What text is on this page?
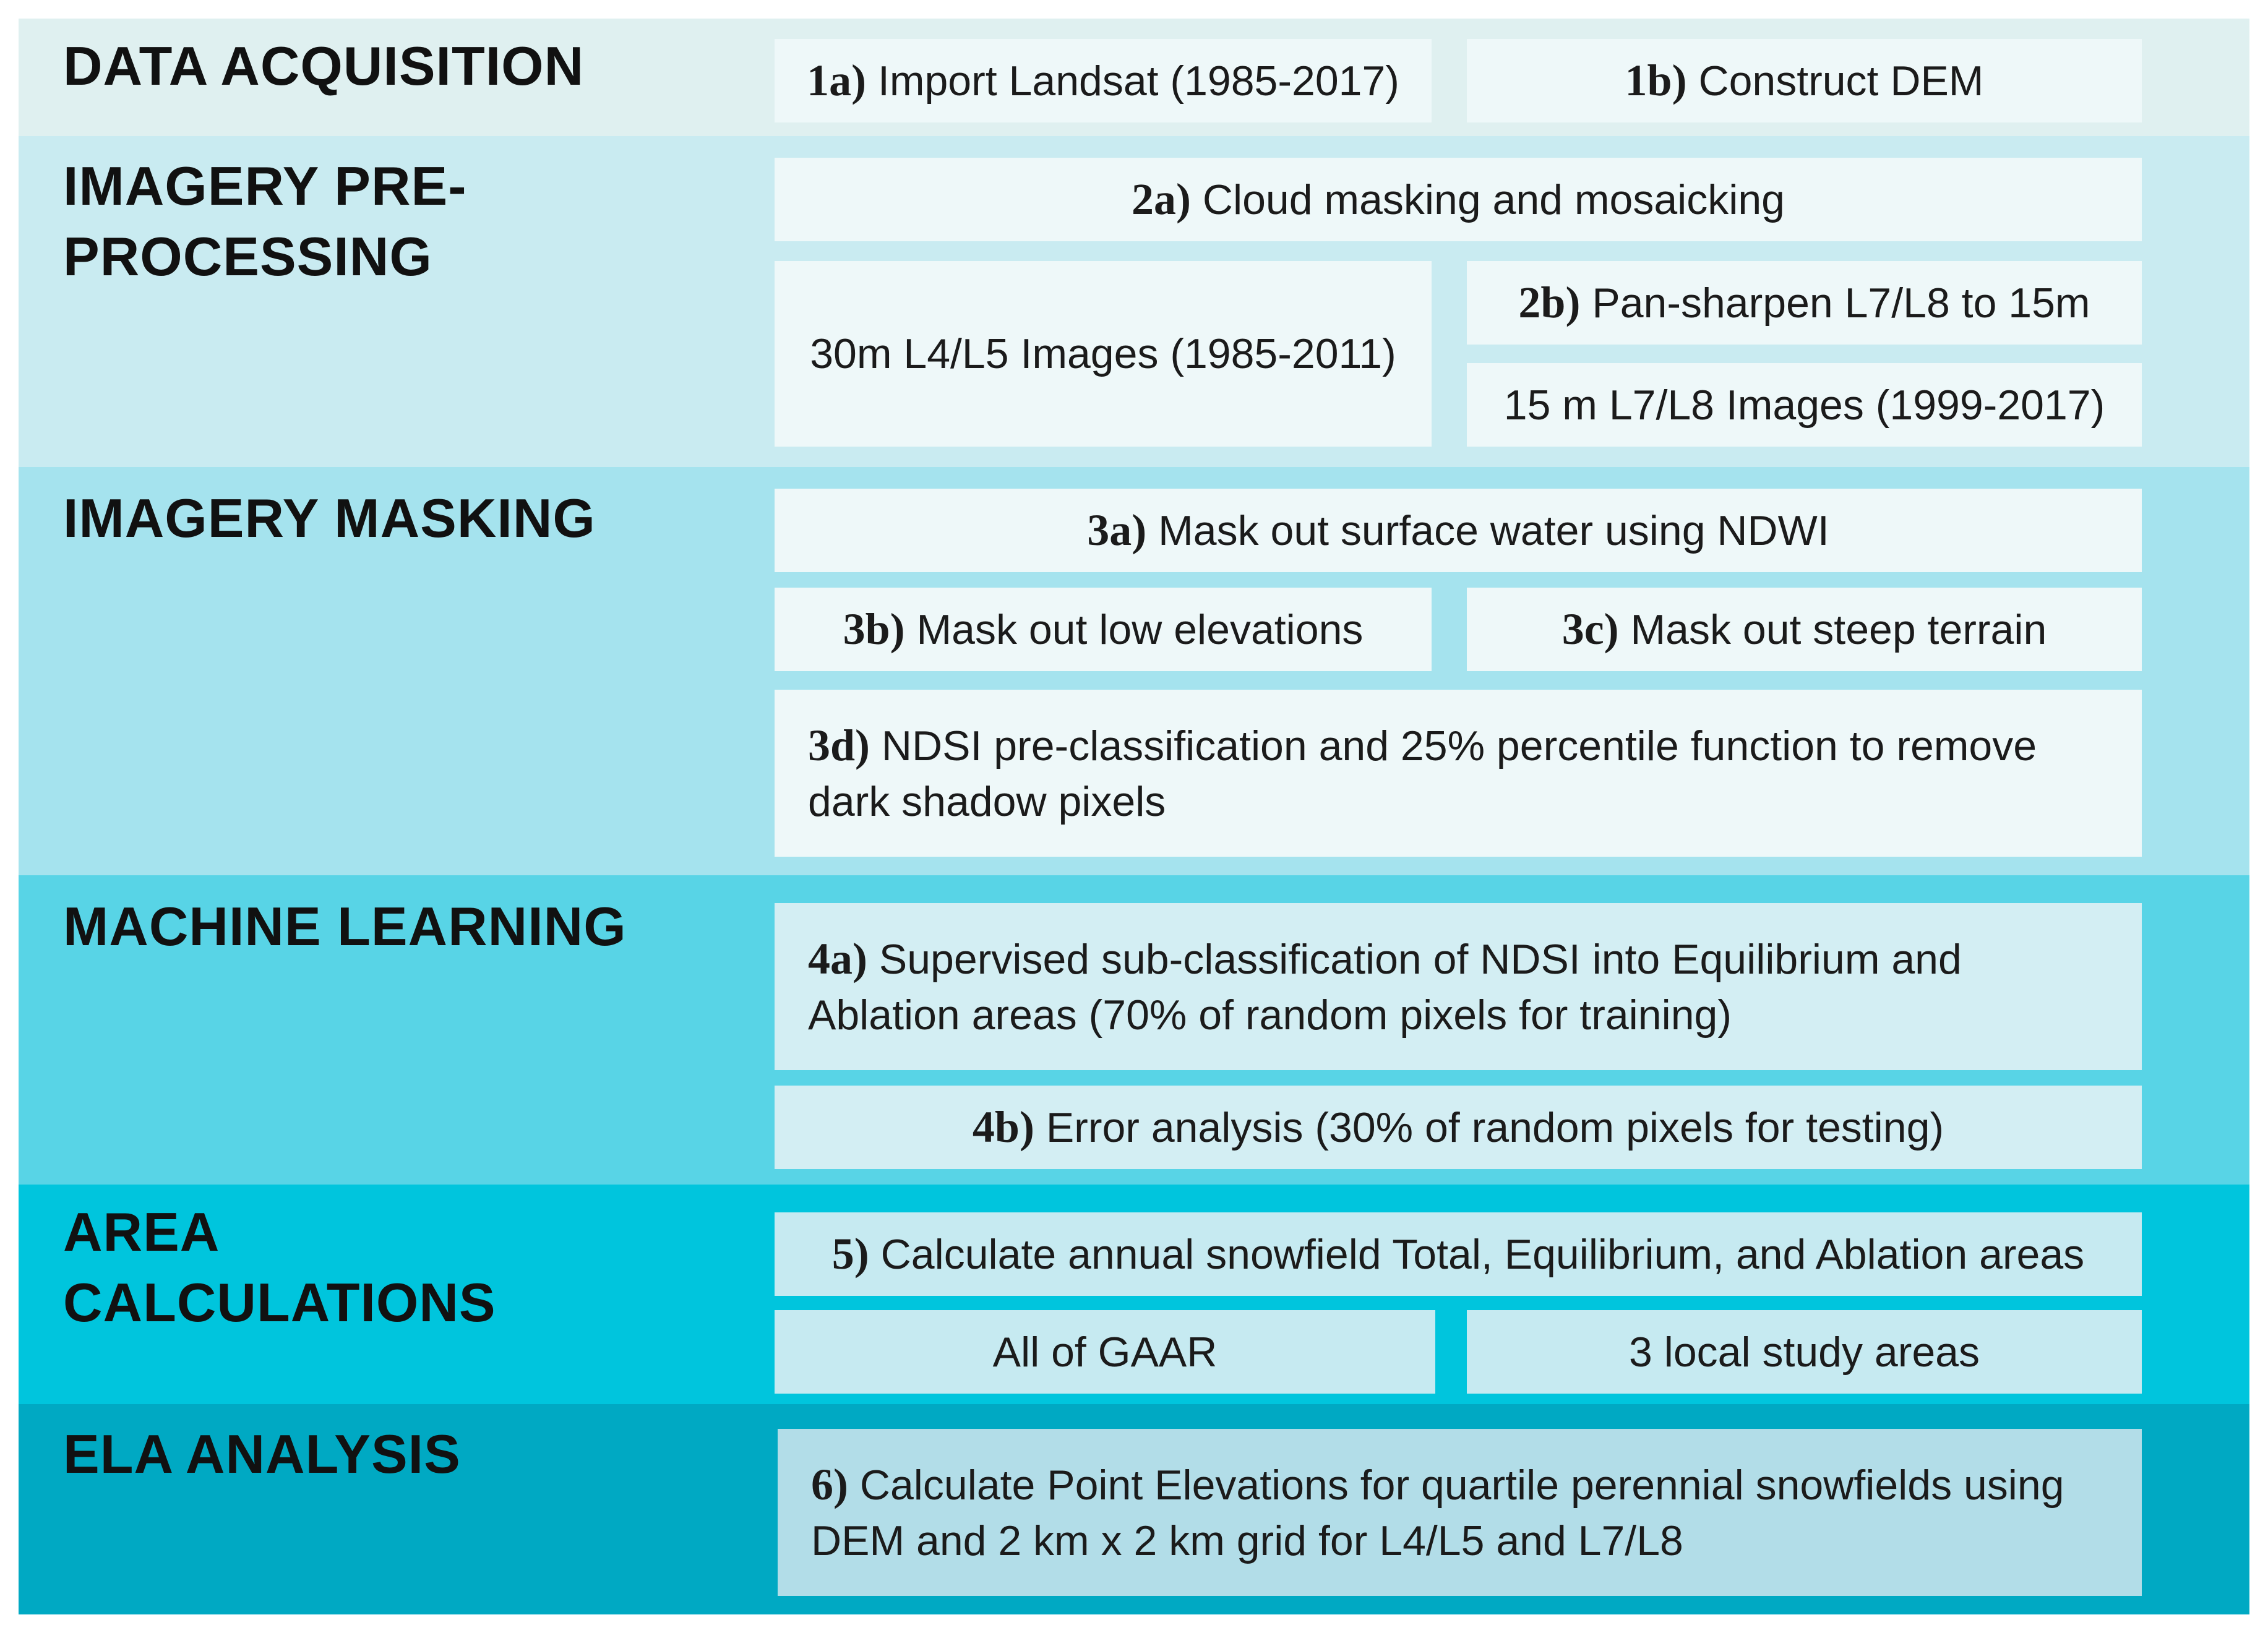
DATA ACQUISITION
IMAGERY PRE-
PROCESSING
IMAGERY MASKING
MACHINE LEARNING
AREA
CALCULATIONS
ELA ANALYSIS
1a) Import Landsat (1985-2017)	1b) Construct DEM
2a) Cloud masking and mosaicking
30m L4/L5 Images (1985-2011)
2b) Pan-sharpen L7/L8 to 15m
15 m L7/L8 Images (1999-2017)
3a) Mask out surface water using NDWI
3b) Mask out low elevations	3c) Mask out steep terrain
3d) NDSI pre-classification and 25% percentile function to remove dark shadow pixels
4a) Supervised sub-classification of NDSI into Equilibrium and Ablation areas (70% of random pixels for training)
4b) Error analysis (30% of random pixels for testing)
5) Calculate annual snowfield Total, Equilibrium, and Ablation areas
All of GAAR	3 local study areas
6) Calculate Point Elevations for quartile perennial snowfields using DEM and 2 km x 2 km grid for L4/L5 and L7/L8
